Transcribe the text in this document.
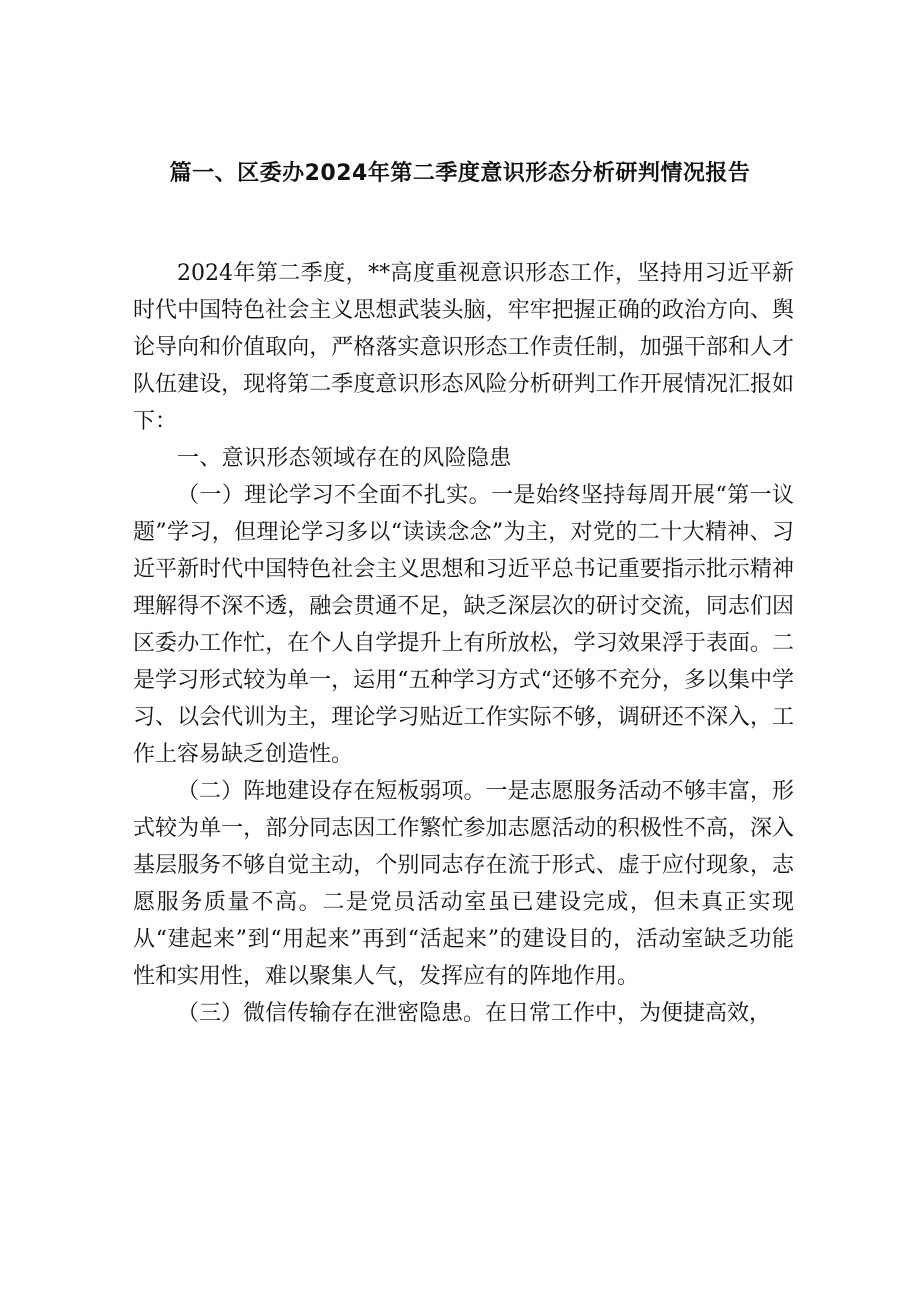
篇一、区委办2024年第二季度意识形态分析研判情况报告

2024年第二季度，**高度重视意识形态工作，坚持用习近平新时代中国特色社会主义思想武装头脑，牢牢把握正确的政治方向、舆论导向和价值取向，严格落实意识形态工作责任制，加强干部和人才队伍建设，现将第二季度意识形态风险分析研判工作开展情况汇报如下：

一、意识形态领域存在的风险隐患

（一）理论学习不全面不扎实。一是始终坚持每周开展“第一议题”学习，但理论学习多以“读读念念”为主，对党的二十大精神、习近平新时代中国特色社会主义思想和习近平总书记重要指示批示精神理解得不深不透，融会贯通不足，缺乏深层次的研讨交流，同志们因区委办工作忙，在个人自学提升上有所放松，学习效果浮于表面。二是学习形式较为单一，运用“五种学习方式“还够不充分，多以集中学习、以会代训为主，理论学习贴近工作实际不够，调研还不深入，工作上容易缺乏创造性。

（二）阵地建设存在短板弱项。一是志愿服务活动不够丰富，形式较为单一，部分同志因工作繁忙参加志愿活动的积极性不高，深入基层服务不够自觉主动，个别同志存在流于形式、虚于应付现象，志愿服务质量不高。二是党员活动室虽已建设完成，但未真正实现从“建起来”到“用起来”再到“活起来”的建设目的，活动室缺乏功能性和实用性，难以聚集人气，发挥应有的阵地作用。

（三）微信传输存在泄密隐患。在日常工作中，为便捷高效，
